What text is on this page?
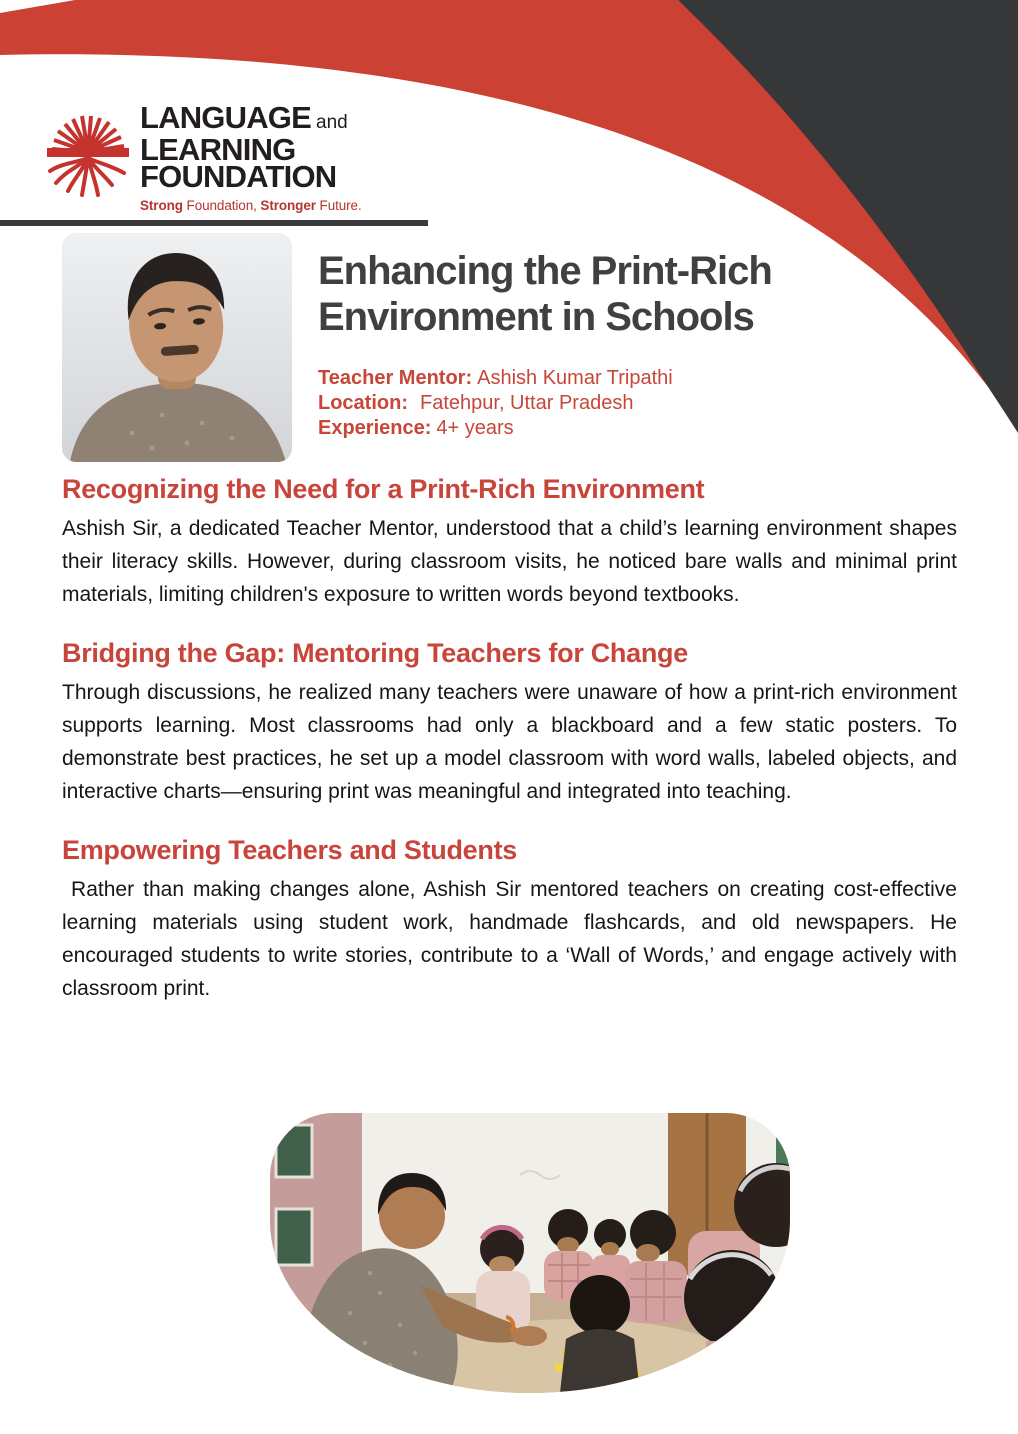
LANGUAGE and
LEARNING
FOUNDATION
Strong Foundation, Stronger Future.
Enhancing the Print-Rich
Environment in Schools
Teacher Mentor: Ashish Kumar Tripathi
Location: Fatehpur, Uttar Pradesh
Experience: 4+ years
Recognizing the Need for a Print-Rich Environment

Ashish Sir, a dedicated Teacher Mentor, understood that a child’s learning environment shapes their literacy skills. However, during classroom visits, he noticed bare walls and minimal print materials, limiting children's exposure to written words beyond textbooks.

Bridging the Gap: Mentoring Teachers for Change

Through discussions, he realized many teachers were unaware of how a print-rich environment supports learning. Most classrooms had only a blackboard and a few static posters. To demonstrate best practices, he set up a model classroom with word walls, labeled objects, and interactive charts—ensuring print was meaningful and integrated into teaching.

Empowering Teachers and Students

Rather than making changes alone, Ashish Sir mentored teachers on creating cost-effective learning materials using student work, handmade flashcards, and old newspapers. He encouraged students to write stories, contribute to a ‘Wall of Words,’ and engage actively with classroom print.
